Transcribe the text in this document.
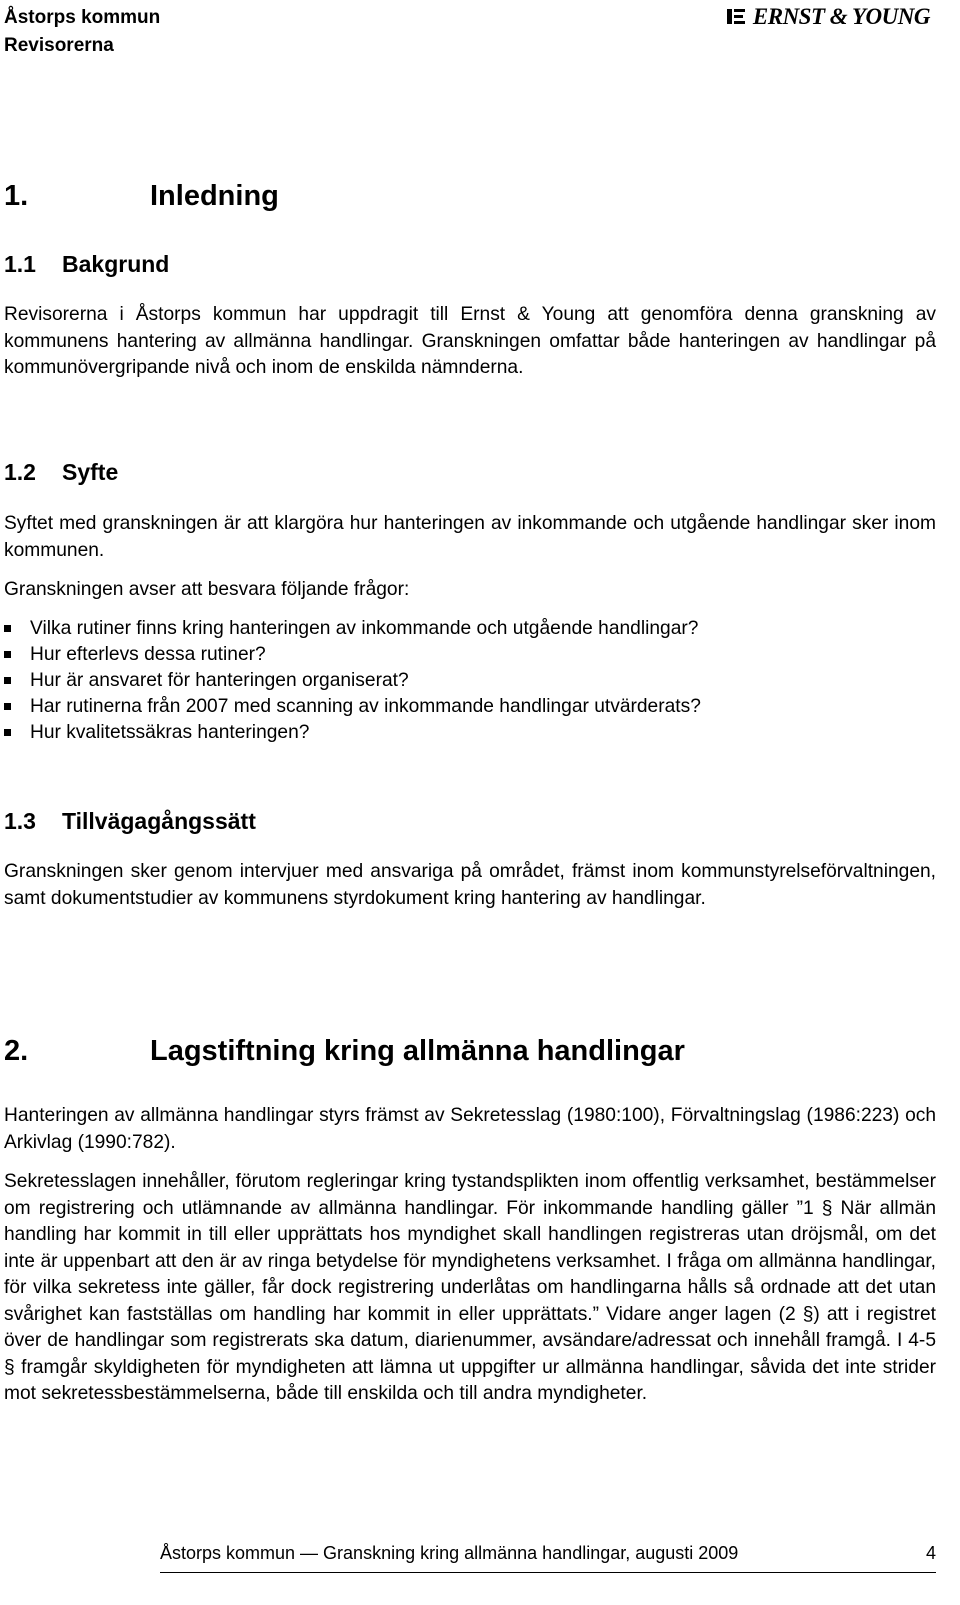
Åstorps kommun
Revisorerna
ERNST & YOUNG
1.	Inledning
1.1 Bakgrund

Revisorerna i Åstorps kommun har uppdragit till Ernst & Young att genomföra denna granskning av kommunens hantering av allmänna handlingar. Granskningen omfattar både hanteringen av handlingar på kommunövergripande nivå och inom de enskilda nämnderna.

1.2 Syfte

Syftet med granskningen är att klargöra hur hanteringen av inkommande och utgående handlingar sker inom kommunen.

Granskningen avser att besvara följande frågor:

Vilka rutiner finns kring hanteringen av inkommande och utgående handlingar?
Hur efterlevs dessa rutiner?
Hur är ansvaret för hanteringen organiserat?
Har rutinerna från 2007 med scanning av inkommande handlingar utvärderats?
Hur kvalitetssäkras hanteringen?
1.3 Tillvägagångssätt

Granskningen sker genom intervjuer med ansvariga på området, främst inom kommunstyrelseförvaltningen, samt dokumentstudier av kommunens styrdokument kring hantering av handlingar.

2.	Lagstiftning kring allmänna handlingar

Hanteringen av allmänna handlingar styrs främst av Sekretesslag (1980:100), Förvaltningslag (1986:223) och Arkivlag (1990:782).

Sekretesslagen innehåller, förutom regleringar kring tystandsplikten inom offentlig verksamhet, bestämmelser om registrering och utlämnande av allmänna handlingar. För inkommande handling gäller ”1 § När allmän handling har kommit in till eller upprättats hos myndighet skall handlingen registreras utan dröjsmål, om det inte är uppenbart att den är av ringa betydelse för myndighetens verksamhet. I fråga om allmänna handlingar, för vilka sekretess inte gäller, får dock registrering underlåtas om handlingarna hålls så ordnade att det utan svårighet kan fastställas om handling har kommit in eller upprättats.” Vidare anger lagen (2 §) att i registret över de handlingar som registrerats ska datum, diarienummer, avsändare/adressat och innehåll framgå. I 4-5 § framgår skyldigheten för myndigheten att lämna ut uppgifter ur allmänna handlingar, såvida det inte strider mot sekretessbestämmelserna, både till enskilda och till andra myndigheter.

Åstorps kommun — Granskning kring allmänna handlingar, augusti 2009	4
